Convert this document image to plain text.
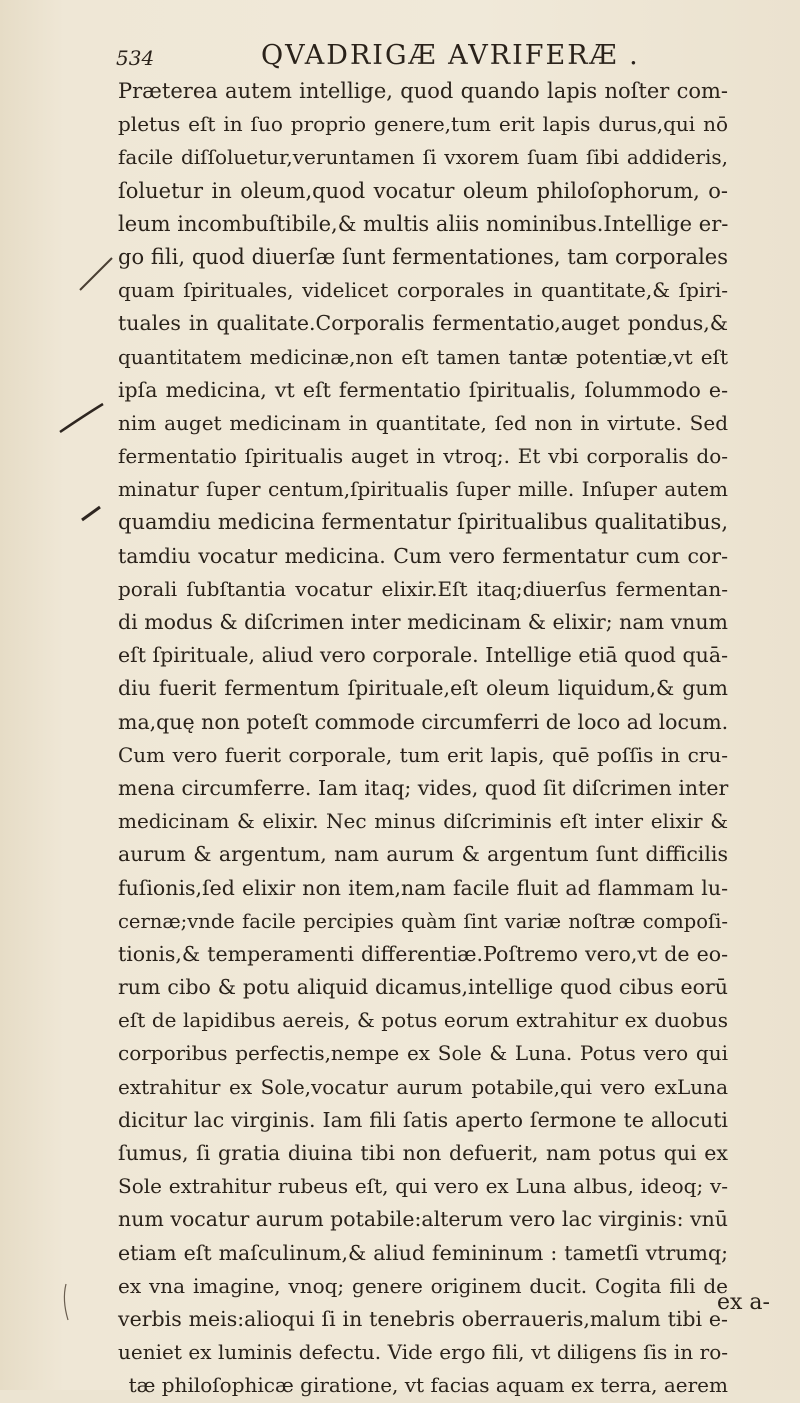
534	QVADRIGÆ AVRIFERÆ .
Præterea autem intellige, quod quando lapis noſter com-
pletus eſt in ſuo proprio genere,tum erit lapis durus,qui nō
facile diſſoluetur,veruntamen ſi vxorem ſuam ſibi addideris,
ſoluetur in oleum,quod vocatur oleum philoſophorum, o-
leum incombuſtibile,& multis aliis nominibus.Intellige er-
go fili, quod diuerſæ ſunt fermentationes, tam corporales
quam ſpirituales, videlicet corporales in quantitate,& ſpiri-
tuales in qualitate.Corporalis fermentatio,auget pondus,&
quantitatem medicinæ,non eſt tamen tantæ potentiæ,vt eſt
ipſa medicina, vt eſt fermentatio ſpiritualis, ſolummodo e-
nim auget medicinam in quantitate, ſed non in virtute. Sed
fermentatio ſpiritualis auget in vtroq;. Et vbi corporalis do-
minatur ſuper centum,ſpiritualis ſuper mille. Inſuper autem
quamdiu medicina fermentatur ſpiritualibus qualitatibus,
tamdiu vocatur medicina. Cum vero fermentatur cum cor-
porali ſubſtantia vocatur elixir.Eſt itaq;diuerſus fermentan-
di modus & diſcrimen inter medicinam & elixir; nam vnum
eſt ſpirituale, aliud vero corporale. Intellige etiā quod quā-
diu fuerit fermentum ſpirituale,eſt oleum liquidum,& gum
ma,quę non poteſt commode circumferri de loco ad locum.
Cum vero fuerit corporale, tum erit lapis, quē poſſis in cru-
mena circumferre. Iam itaq; vides, quod ſit diſcrimen inter
medicinam & elixir. Nec minus diſcriminis eſt inter elixir &
aurum & argentum, nam aurum & argentum ſunt difficilis
fuſionis,ſed elixir non item,nam facile fluit ad flammam lu-
cernæ;vnde facile percipies quàm ſint variæ noſtræ compoſi-
tionis,& temperamenti differentiæ.Poſtremo vero,vt de eo-
rum cibo & potu aliquid dicamus,intellige quod cibus eorū
eſt de lapidibus aereis, & potus eorum extrahitur ex duobus
corporibus perfectis,nempe ex Sole & Luna. Potus vero qui
extrahitur ex Sole,vocatur aurum potabile,qui vero exLuna
dicitur lac virginis. Iam fili ſatis aperto ſermone te allocuti
ſumus, ſi gratia diuina tibi non defuerit, nam potus qui ex
Sole extrahitur rubeus eſt, qui vero ex Luna albus, ideoq; v-
num vocatur aurum potabile:alterum vero lac virginis: vnū
etiam eſt maſculinum,& aliud femininum : tametſi vtrumq;
ex vna imagine, vnoq; genere originem ducit. Cogita fili de
verbis meis:alioqui ſi in tenebris oberraueris,malum tibi e-
ueniet ex luminis defectu. Vide ergo fili, vt diligens ſis in ro-
tæ philoſophicæ giratione, vt facias aquam ex terra, aerem
ex a-
